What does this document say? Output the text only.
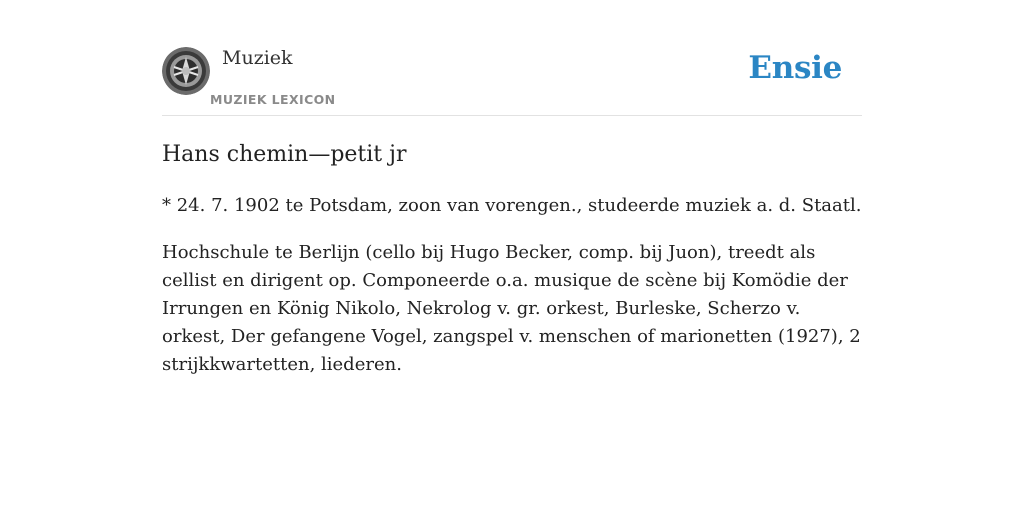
Muziek
MUZIEK LEXICON
Ensie
Hans chemin—petit jr

* 24. 7. 1902 te Potsdam, zoon van vorengen., studeerde muziek a. d. Staatl.

Hochschule te Berlijn (cello bij Hugo Becker, comp. bij Juon), treedt als cellist en dirigent op. Componeerde o.a. musique de scène bij Komödie der Irrungen en König Nikolo, Nekrolog v. gr. orkest, Burleske, Scherzo v. orkest, Der gefangene Vogel, zangspel v. menschen of marionetten (1927), 2 strijkkwartetten, liederen.
